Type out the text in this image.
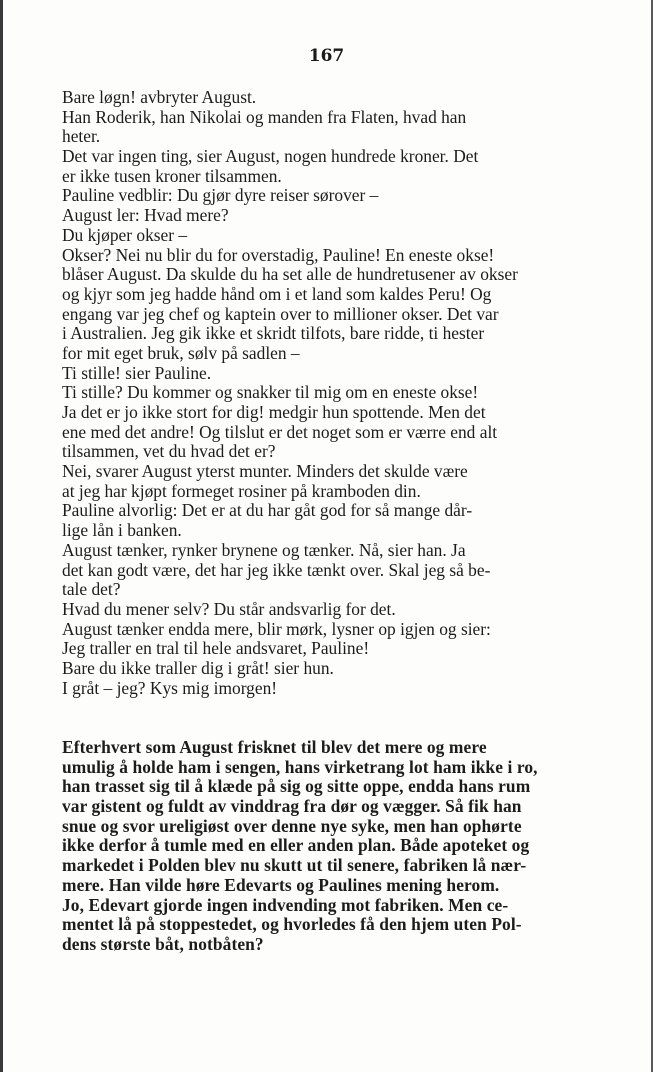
167
Bare løgn! avbryter August.
Han Roderik, han Nikolai og manden fra Flaten, hvad han
heter.
Det var ingen ting, sier August, nogen hundrede kroner. Det
er ikke tusen kroner tilsammen.
Pauline vedblir: Du gjør dyre reiser sørover –
August ler: Hvad mere?
Du kjøper okser –
Okser? Nei nu blir du for overstadig, Pauline! En eneste okse!
blåser August. Da skulde du ha set alle de hundretusener av okser
og kjyr som jeg hadde hånd om i et land som kaldes Peru! Og
engang var jeg chef og kaptein over to millioner okser. Det var
i Australien. Jeg gik ikke et skridt tilfots, bare ridde, ti hester
for mit eget bruk, sølv på sadlen –
Ti stille! sier Pauline.
Ti stille? Du kommer og snakker til mig om en eneste okse!
Ja det er jo ikke stort for dig! medgir hun spottende. Men det
ene med det andre! Og tilslut er det noget som er værre end alt
tilsammen, vet du hvad det er?
Nei, svarer August yterst munter. Minders det skulde være
at jeg har kjøpt formeget rosiner på kramboden din.
Pauline alvorlig: Det er at du har gåt god for så mange dår-
lige lån i banken.
August tænker, rynker brynene og tænker. Nå, sier han. Ja
det kan godt være, det har jeg ikke tænkt over. Skal jeg så be-
tale det?
Hvad du mener selv? Du står andsvarlig for det.
August tænker endda mere, blir mørk, lysner op igjen og sier:
Jeg traller en tral til hele andsvaret, Pauline!
Bare du ikke traller dig i gråt! sier hun.
I gråt – jeg? Kys mig imorgen!
Efterhvert som August frisknet til blev det mere og mere
umulig å holde ham i sengen, hans virketrang lot ham ikke i ro,
han trasset sig til å klæde på sig og sitte oppe, endda hans rum
var gistent og fuldt av vinddrag fra dør og vægger. Så fik han
snue og svor ureligiøst over denne nye syke, men han ophørte
ikke derfor å tumle med en eller anden plan. Både apoteket og
markedet i Polden blev nu skutt ut til senere, fabriken lå nær-
mere. Han vilde høre Edevarts og Paulines mening herom.
Jo, Edevart gjorde ingen indvending mot fabriken. Men ce-
mentet lå på stoppestedet, og hvorledes få den hjem uten Pol-
dens største båt, notbåten?
